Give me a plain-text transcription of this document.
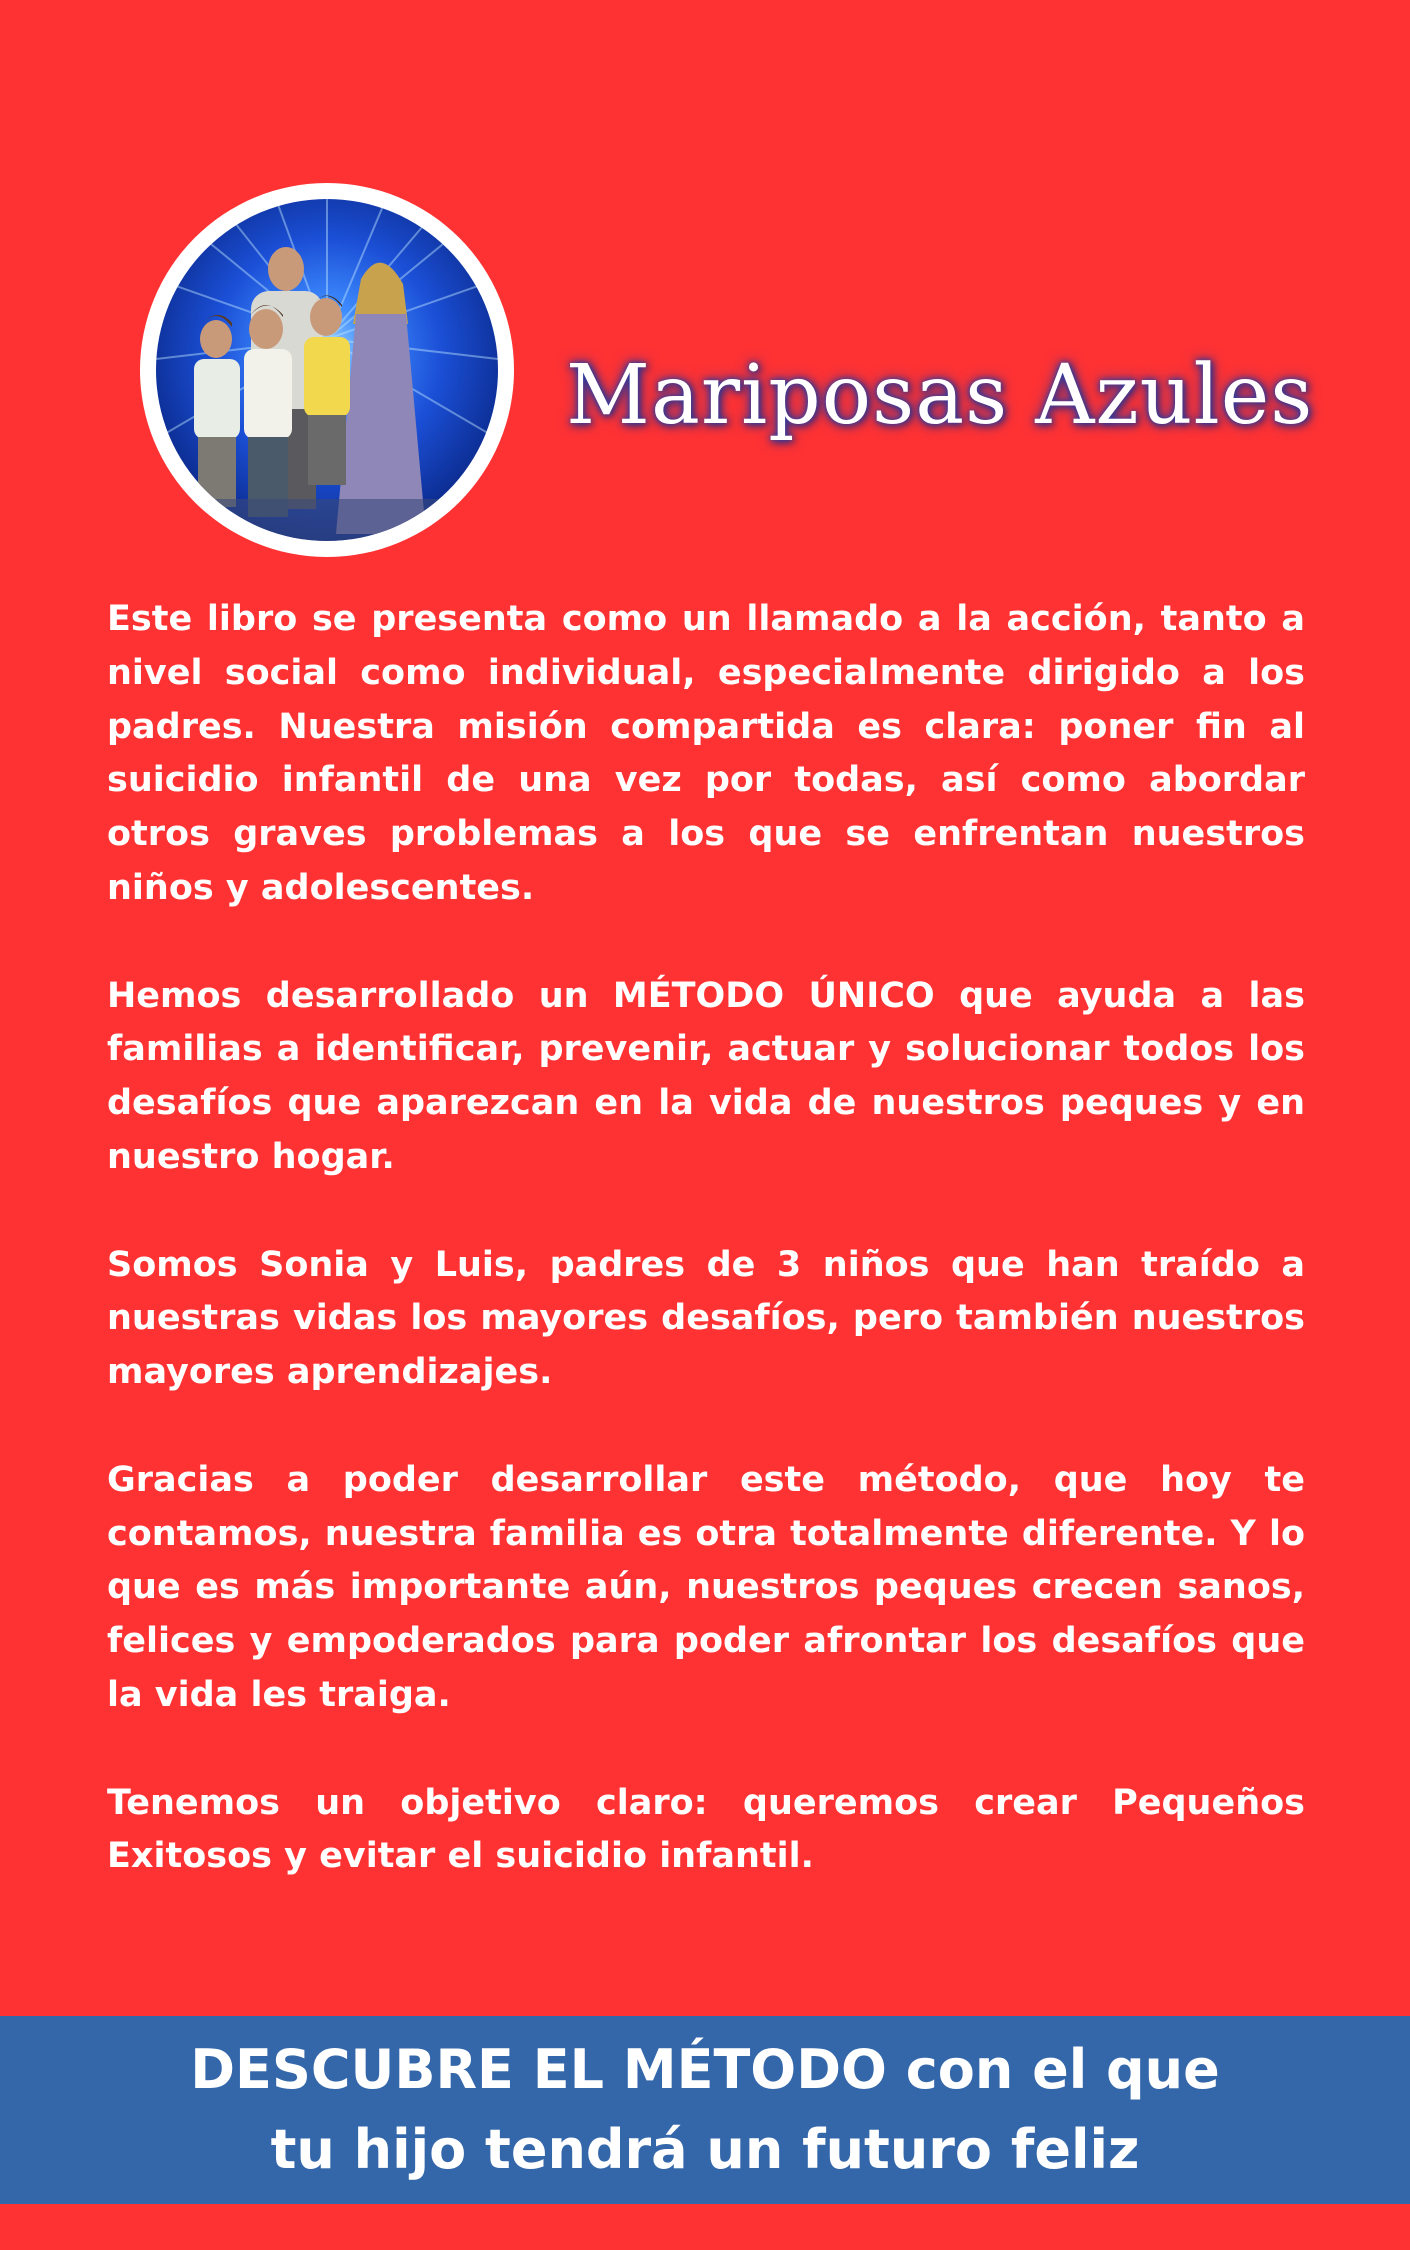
Mariposas Azules

Este libro se presenta como un llamado a la acción, tanto a nivel social como individual, especialmente dirigido a los padres. Nuestra misión compartida es clara: poner fin al suicidio infantil de una vez por todas, así como abordar otros graves problemas a los que se enfrentan nuestros niños y adolescentes.

Hemos desarrollado un MÉTODO ÚNICO que ayuda a las familias a identificar, prevenir, actuar y solucionar todos los desafíos que aparezcan en la vida de nuestros peques y en nuestro hogar.

Somos Sonia y Luis, padres de 3 niños que han traído a nuestras vidas los mayores desafíos, pero también nuestros mayores aprendizajes.

Gracias a poder desarrollar este método, que hoy te contamos, nuestra familia es otra totalmente diferente. Y lo que es más importante aún, nuestros peques crecen sanos, felices y empoderados para poder afrontar los desafíos que la vida les traiga.

Tenemos un objetivo claro: queremos crear Pequeños Exitosos y evitar el suicidio infantil.

DESCUBRE EL MÉTODO con el que
tu hijo tendrá un futuro feliz
